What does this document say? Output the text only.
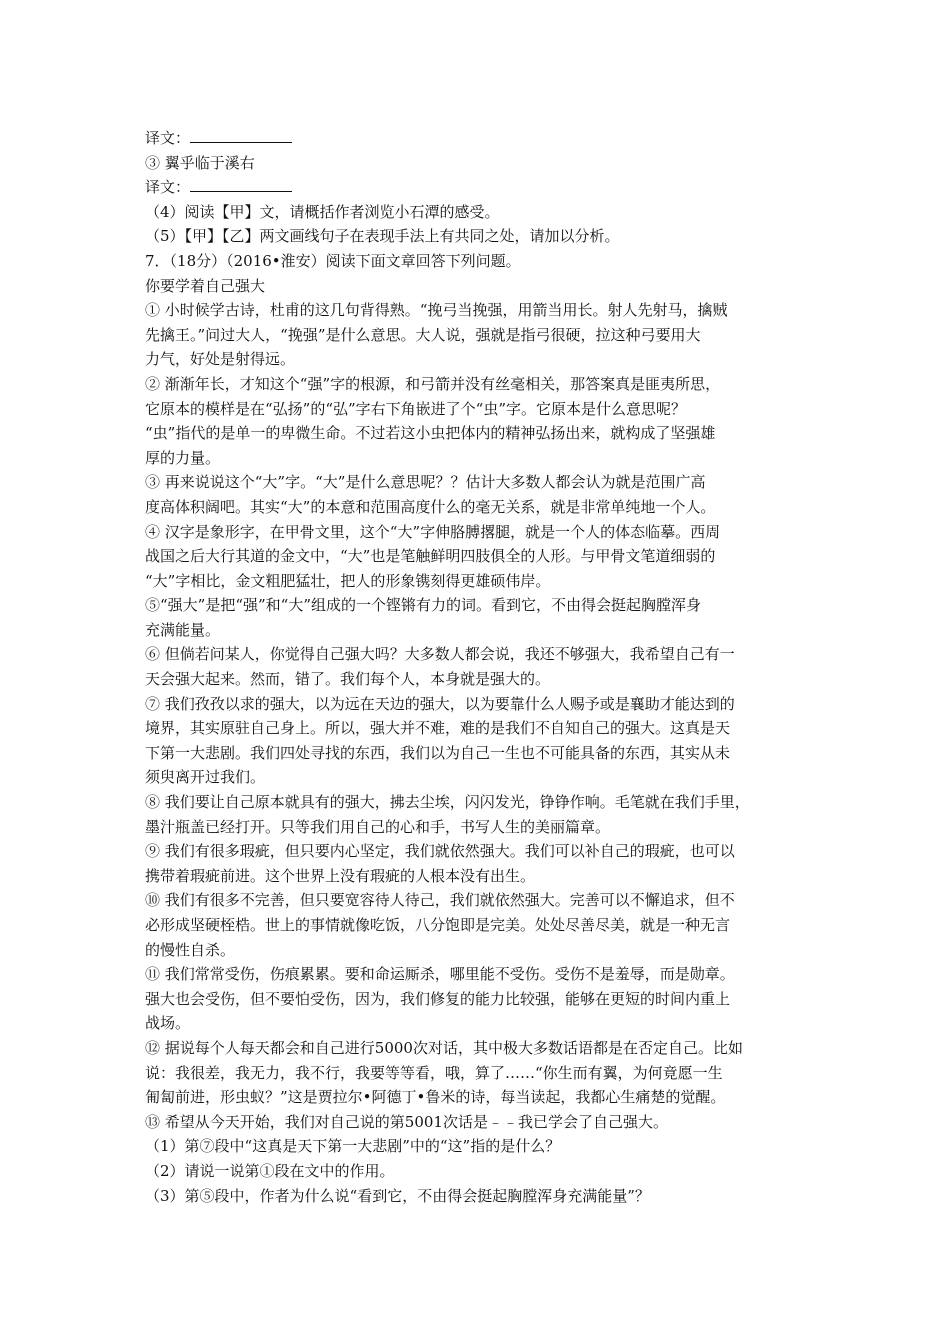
译文：
③ 翼乎临于溪右
译文：
（4）阅读【甲】文，请概括作者浏览小石潭的感受。
（5）【甲】【乙】两文画线句子在表现手法上有共同之处，请加以分析。
7．（18分）（2016•淮安）阅读下面文章回答下列问题。
你要学着自己强大
① 小时候学古诗，杜甫的这几句背得熟。“挽弓当挽强，用箭当用长。射人先射马，擒贼
先擒王。”问过大人，“挽强”是什么意思。大人说，强就是指弓很硬，拉这种弓要用大
力气，好处是射得远。
② 渐渐年长，才知这个“强”字的根源，和弓箭并没有丝毫相关，那答案真是匪夷所思，
它原本的模样是在“弘扬”的“弘”字右下角嵌进了个“虫”字。它原本是什么意思呢？
“虫”指代的是单一的卑微生命。不过若这小虫把体内的精神弘扬出来，就构成了坚强雄
厚的力量。
③ 再来说说这个“大”字。“大”是什么意思呢？？估计大多数人都会认为就是范围广高
度高体积阔吧。其实“大”的本意和范围高度什么的毫无关系，就是非常单纯地一个人。
④ 汉字是象形字，在甲骨文里，这个“大”字伸胳膊撂腿，就是一个人的体态临摹。西周
战国之后大行其道的金文中，“大”也是笔触鲜明四肢俱全的人形。与甲骨文笔道细弱的
“大”字相比，金文粗肥猛壮，把人的形象镌刻得更雄硕伟岸。
⑤“强大”是把“强”和“大”组成的一个铿锵有力的词。看到它，不由得会挺起胸膛浑身
充满能量。
⑥ 但倘若问某人，你觉得自己强大吗？大多数人都会说，我还不够强大，我希望自己有一
天会强大起来。然而，错了。我们每个人，本身就是强大的。
⑦ 我们孜孜以求的强大，以为远在天边的强大，以为要靠什么人赐予或是襄助才能达到的
境界，其实原驻自己身上。所以，强大并不难，难的是我们不自知自己的强大。这真是天
下第一大悲剧。我们四处寻找的东西，我们以为自己一生也不可能具备的东西，其实从未
须臾离开过我们。
⑧ 我们要让自己原本就具有的强大，拂去尘埃，闪闪发光，铮铮作响。毛笔就在我们手里，
墨汁瓶盖已经打开。只等我们用自己的心和手，书写人生的美丽篇章。
⑨ 我们有很多瑕疵，但只要内心坚定，我们就依然强大。我们可以补自己的瑕疵，也可以
携带着瑕疵前进。这个世界上没有瑕疵的人根本没有出生。
⑩ 我们有很多不完善，但只要宽容待人待己，我们就依然强大。完善可以不懈追求，但不
必形成坚硬桎梏。世上的事情就像吃饭，八分饱即是完美。处处尽善尽美，就是一种无言
的慢性自杀。
⑪ 我们常常受伤，伤痕累累。要和命运厮杀，哪里能不受伤。受伤不是羞辱，而是勋章。
强大也会受伤，但不要怕受伤，因为，我们修复的能力比较强，能够在更短的时间内重上
战场。
⑫ 据说每个人每天都会和自己进行5000次对话，其中极大多数话语都是在否定自己。比如
说：我很差，我无力，我不行，我要等等看，哦，算了……“你生而有翼，为何竟愿一生
匍匐前进，形虫蚁？”这是贾拉尔•阿德丁•鲁米的诗，每当读起，我都心生痛楚的觉醒。
⑬ 希望从今天开始，我们对自己说的第5001次话是﹣﹣我已学会了自己强大。
（1）第⑦段中“这真是天下第一大悲剧”中的“这”指的是什么？
（2）请说一说第①段在文中的作用。
（3）第⑤段中，作者为什么说“看到它，不由得会挺起胸膛浑身充满能量”？
